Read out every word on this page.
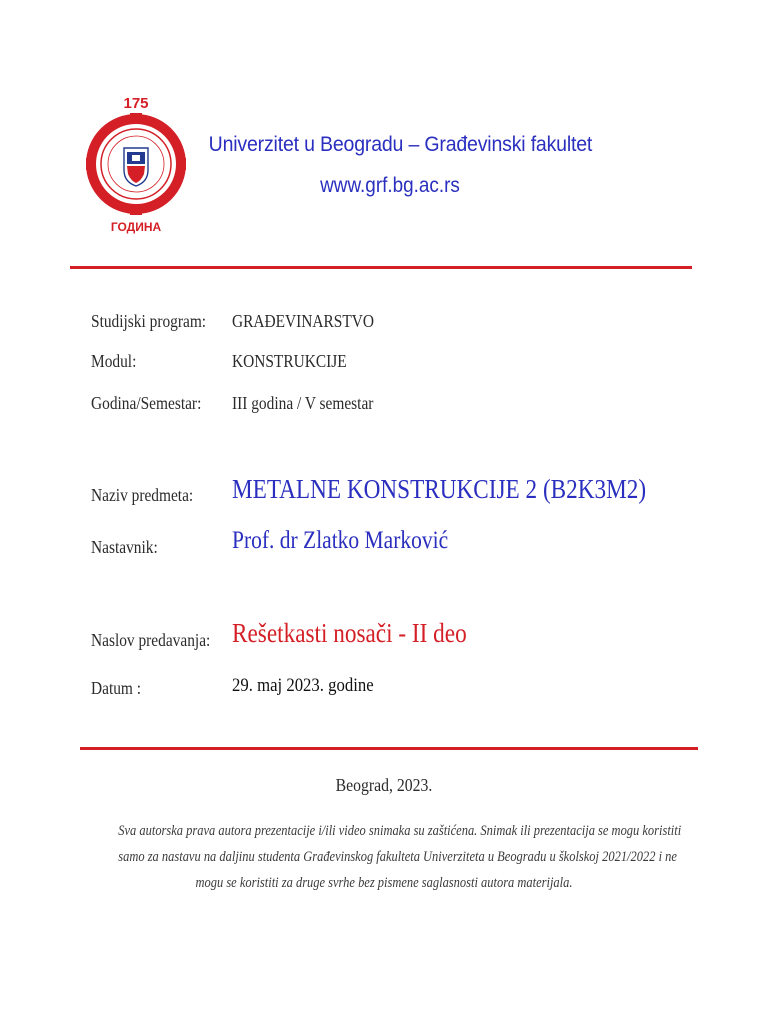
175
ГОДИНА
Univerzitet u Beogradu – Građevinski fakultet
www.grf.bg.ac.rs
Studijski program: GRAĐEVINARSTVO
Modul:	KONSTRUKCIJE
Godina/Semestar: III godina / V semestar
Naziv predmeta: METALNE KONSTRUKCIJE 2 (B2K3M2)
Nastavnik:	Prof. dr Zlatko Marković
Naslov predavanja: Rešetkasti nosači - II deo
Datum :	29. maj 2023. godine
Beograd, 2023.
Sva autorska prava autora prezentacije i/ili video snimaka su zaštićena. Snimak ili prezentacija se mogu koristiti
samo za nastavu na daljinu studenta Građevinskog fakulteta Univerziteta u Beogradu u školskoj 2021/2022 i ne
mogu se koristiti za druge svrhe bez pismene saglasnosti autora materijala.
